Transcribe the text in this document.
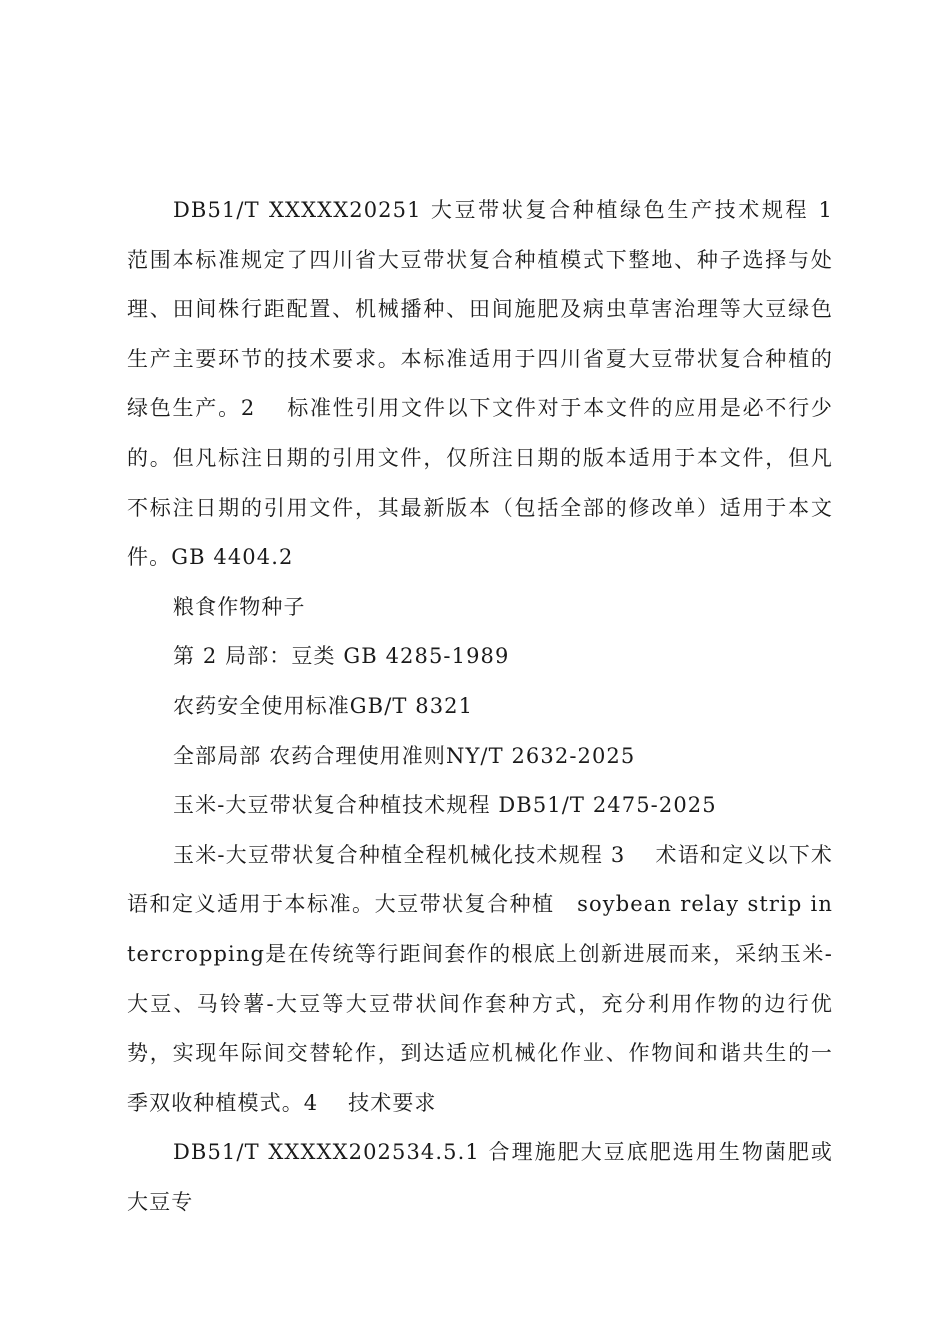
DB51/T XXXXX20251 大豆带状复合种植绿色生产技术规程 1　 范围本标准规定了四川省大豆带状复合种植模式下整地、种子选择与处理、田间株行距配置、机械播种、田间施肥及病虫草害治理等大豆绿色生产主要环节的技术要求。本标准适用于四川省夏大豆带状复合种植的绿色生产。2　 标准性引用文件以下文件对于本文件的应用是必不行少的。但凡标注日期的引用文件，仅所注日期的版本适用于本文件，但凡不标注日期的引用文件，其最新版本（包括全部的修改单）适用于本文件。GB 4404.2

粮食作物种子

第 2 局部：豆类 GB 4285-1989

农药安全使用标准GB/T 8321

全部局部 农药合理使用准则NY/T 2632-2025

玉米-大豆带状复合种植技术规程 DB51/T 2475-2025

玉米-大豆带状复合种植全程机械化技术规程 3　 术语和定义以下术语和定义适用于本标准。大豆带状复合种植　soybean relay strip intercropping是在传统等行距间套作的根底上创新进展而来，采纳玉米-大豆、马铃薯-大豆等大豆带状间作套种方式，充分利用作物的边行优势，实现年际间交替轮作，到达适应机械化作业、作物间和谐共生的一季双收种植模式。4　 技术要求

DB51/T XXXXX202534.5.1 合理施肥大豆底肥选用生物菌肥或大豆专
